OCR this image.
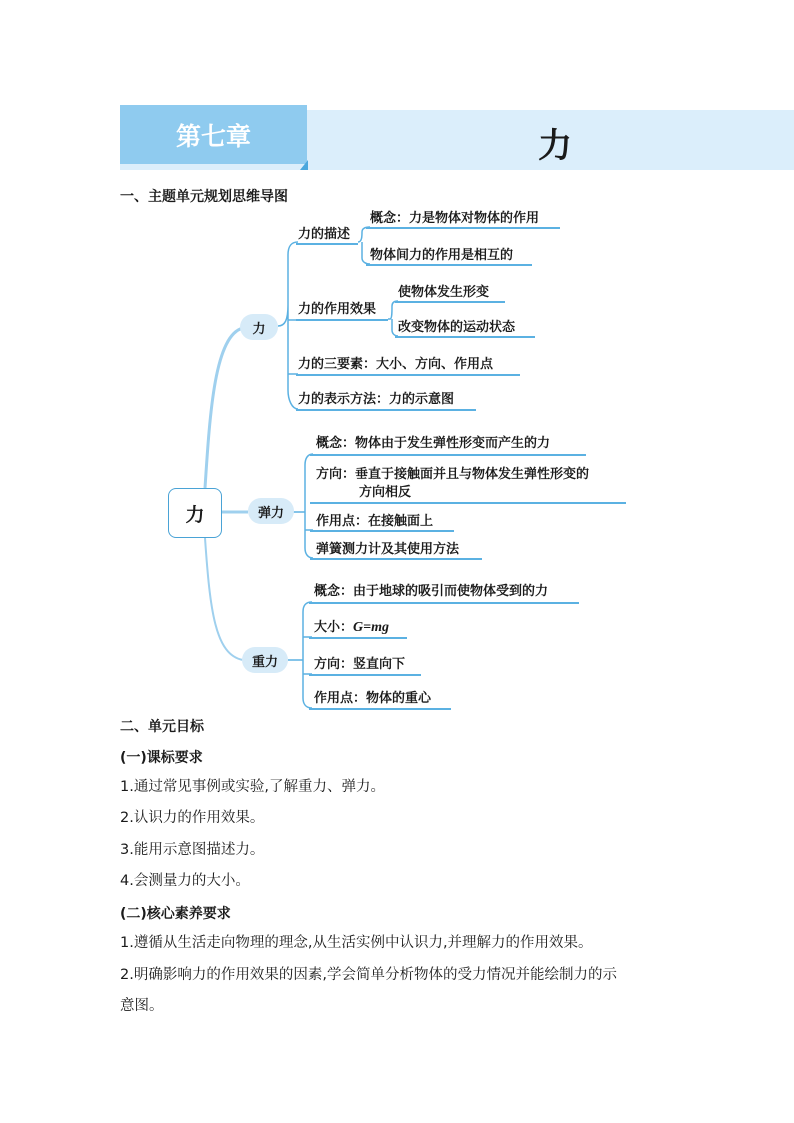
第七章	力
一、主题单元规划思维导图
力
力
弹力
重力
力的描述
概念：力是物体对物体的作用
物体间力的作用是相互的
力的作用效果
使物体发生形变
改变物体的运动状态
力的三要素：大小、方向、作用点
力的表示方法：力的示意图
概念：物体由于发生弹性形变而产生的力
方向：垂直于接触面并且与物体发生弹性形变的
方向相反
作用点：在接触面上
弹簧测力计及其使用方法
概念：由于地球的吸引而使物体受到的力
大小：G=mg
方向：竖直向下
作用点：物体的重心
二、单元目标
(一)课标要求
1.通过常见事例或实验,了解重力、弹力。
2.认识力的作用效果。
3.能用示意图描述力。
4.会测量力的大小。
(二)核心素养要求
1.遵循从生活走向物理的理念,从生活实例中认识力,并理解力的作用效果。
2.明确影响力的作用效果的因素,学会简单分析物体的受力情况并能绘制力的示
意图。
